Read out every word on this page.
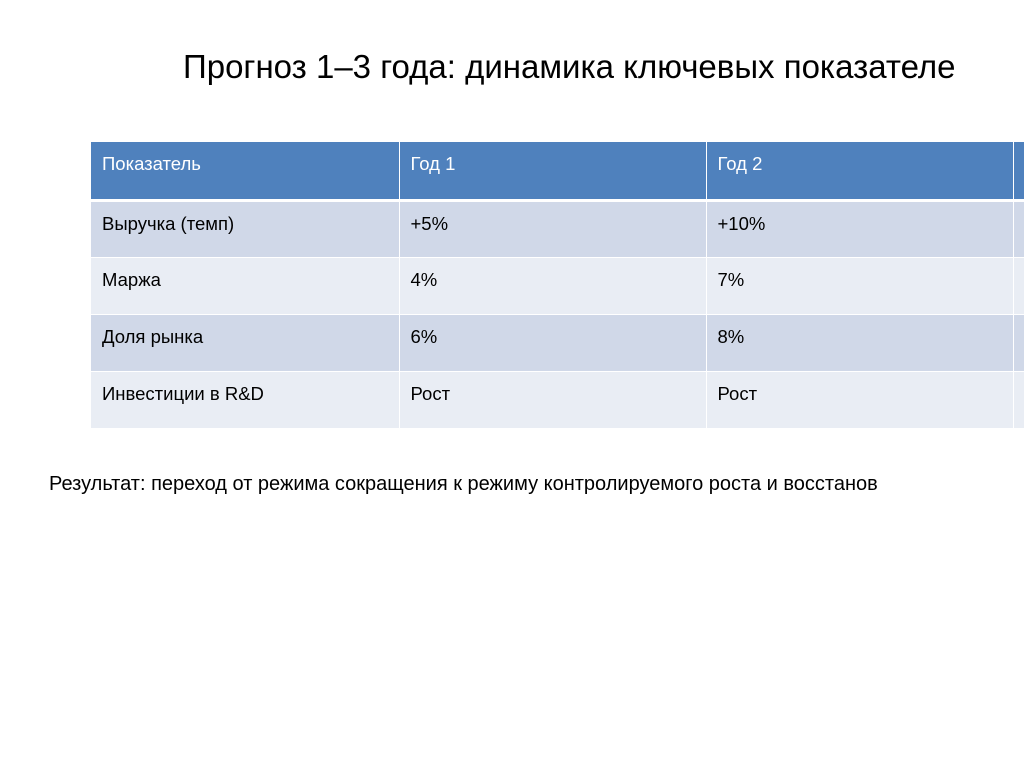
Прогноз 1–3 года: динамика ключевых показателе
Показатель	Год 1	Год 2	
Выручка (темп)	+5%	+10%	
Маржа	4%	7%	
Доля рынка	6%	8%	
Инвестиции в R&D	Рост	Рост	

Результат: переход от режима сокращения к режиму контролируемого роста и восстанов
